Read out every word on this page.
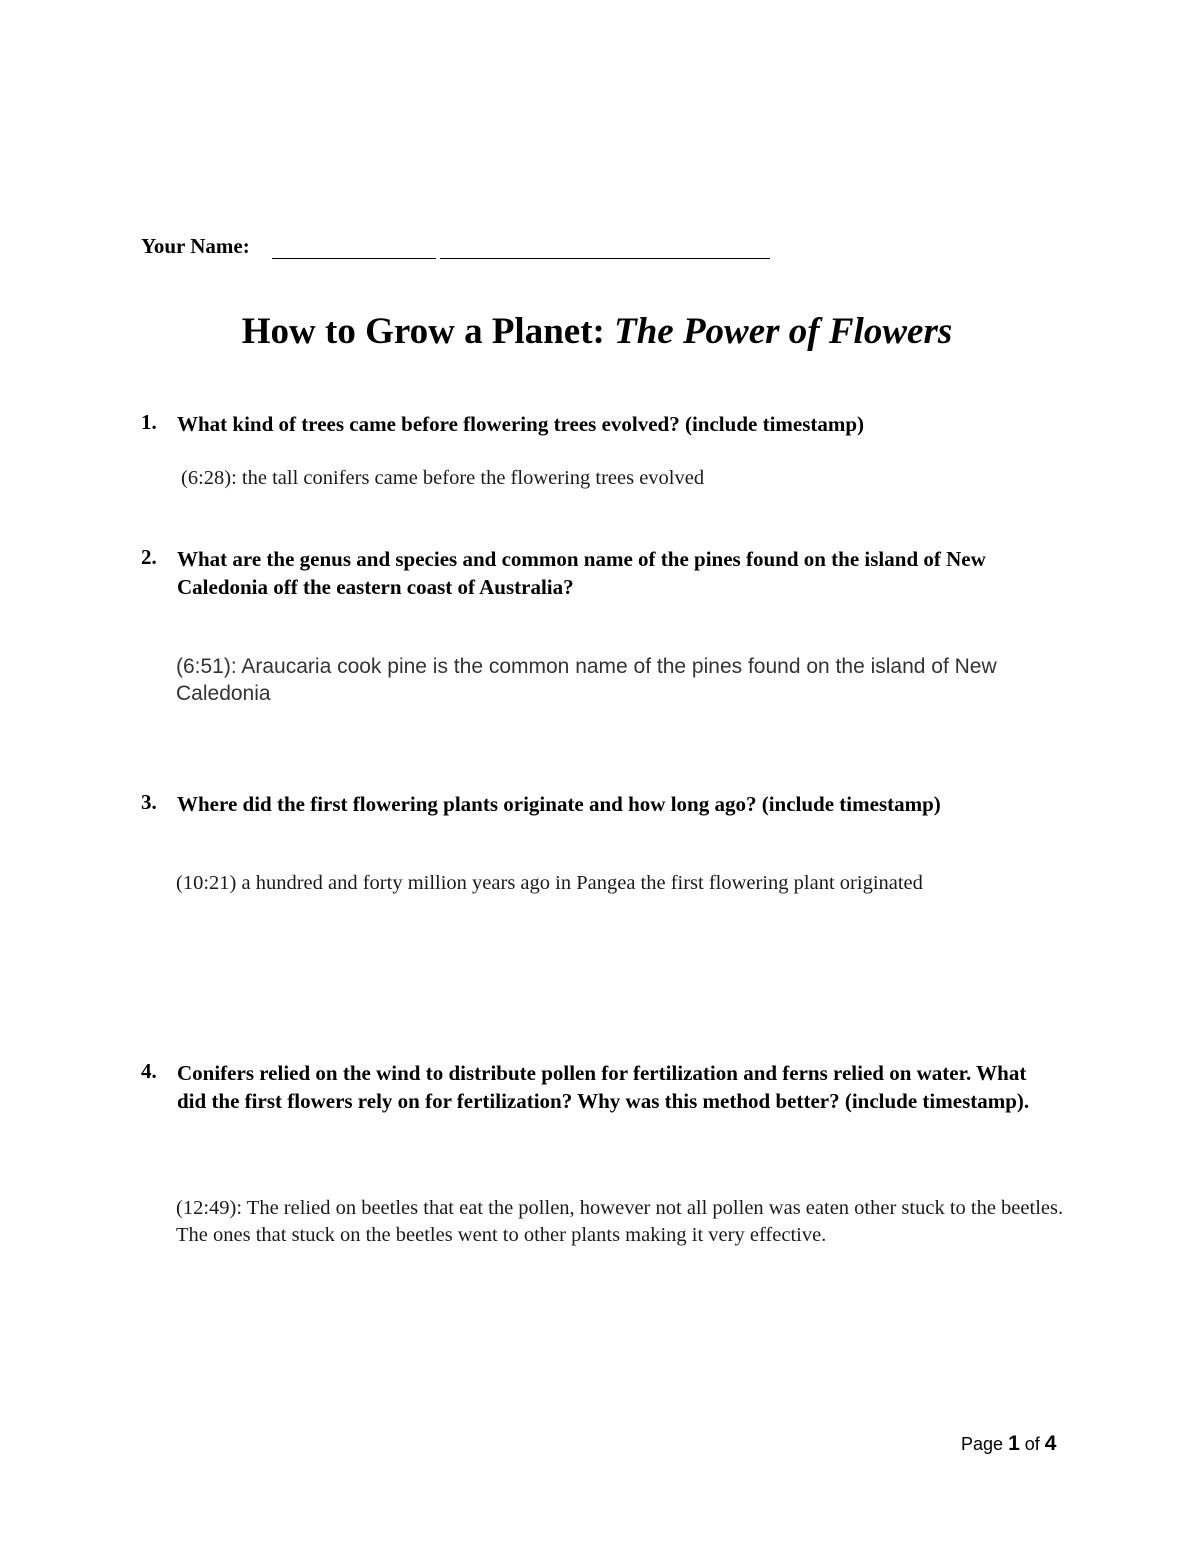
Your Name:
How to Grow a Planet: The Power of Flowers
1. What kind of trees came before flowering trees evolved? (include timestamp)
(6:28): the tall conifers came before the flowering trees evolved
2. What are the genus and species and common name of the pines found on the island of New Caledonia off the eastern coast of Australia?
(6:51): Araucaria cook pine is the common name of the pines found on the island of New Caledonia
3. Where did the first flowering plants originate and how long ago? (include timestamp)
(10:21) a hundred and forty million years ago in Pangea the first flowering plant originated
4. Conifers relied on the wind to distribute pollen for fertilization and ferns relied on water. What did the first flowers rely on for fertilization? Why was this method better? (include timestamp).
(12:49): The relied on beetles that eat the pollen, however not all pollen was eaten other stuck to the beetles. The ones that stuck on the beetles went to other plants making it very effective.
Page 1 of 4
